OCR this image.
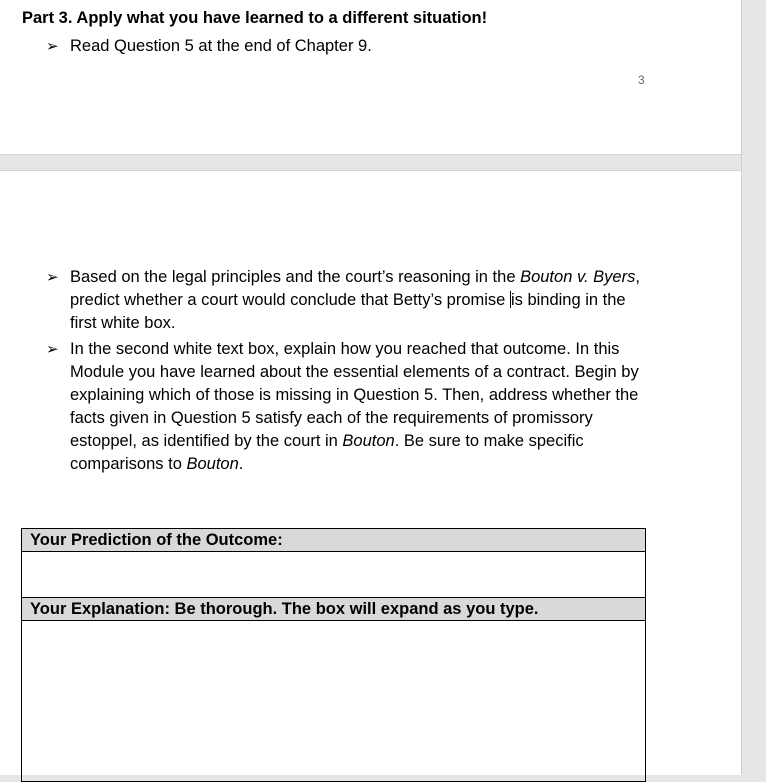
Part 3. Apply what you have learned to a different situation!
➢ Read Question 5 at the end of Chapter 9.
3
➢ Based on the legal principles and the court’s reasoning in the Bouton v. Byers, predict whether a court would conclude that Betty’s promise is binding in the first white box.
➢ In the second white text box, explain how you reached that outcome. In this Module you have learned about the essential elements of a contract. Begin by explaining which of those is missing in Question 5. Then, address whether the facts given in Question 5 satisfy each of the requirements of promissory estoppel, as identified by the court in Bouton. Be sure to make specific comparisons to Bouton.
Your Prediction of the Outcome:

Your Explanation: Be thorough. The box will expand as you type.
